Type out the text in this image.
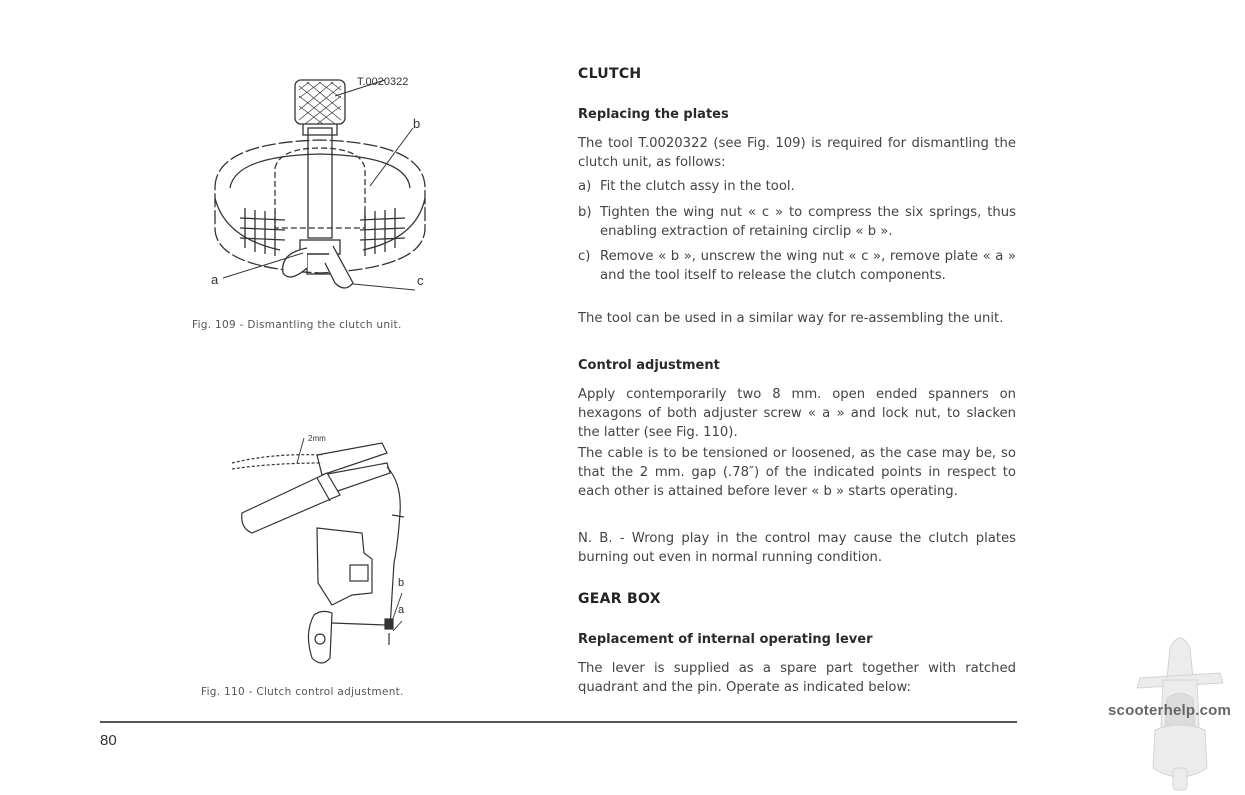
T.0020322
b
a	c
Fig. 109 - Dismantling the clutch unit.
2mm
b
a
Fig. 110 - Clutch control adjustment.
CLUTCH
Replacing the plates
The tool T.0020322 (see Fig. 109) is required for dismantling the clutch unit, as follows:
a) Fit the clutch assy in the tool.
b) Tighten the wing nut « c » to compress the six springs, thus enabling extraction of retaining circlip « b ».
c) Remove « b », unscrew the wing nut « c », remove plate « a » and the tool itself to release the clutch components.
The tool can be used in a similar way for re-assembling the unit.
Control adjustment
Apply contemporarily two 8 mm. open ended spanners on hexagons of both adjuster screw « a » and lock nut, to slacken the latter (see Fig. 110).
The cable is to be tensioned or loosened, as the case may be, so that the 2 mm. gap (.78″) of the indicated points in respect to each other is attained before lever « b » starts operating.
N. B. - Wrong play in the control may cause the clutch plates burning out even in normal running condition.
GEAR BOX
Replacement of internal operating lever
The lever is supplied as a spare part together with ratched quadrant and the pin. Operate as indicated below:
80
scooterhelp.com
